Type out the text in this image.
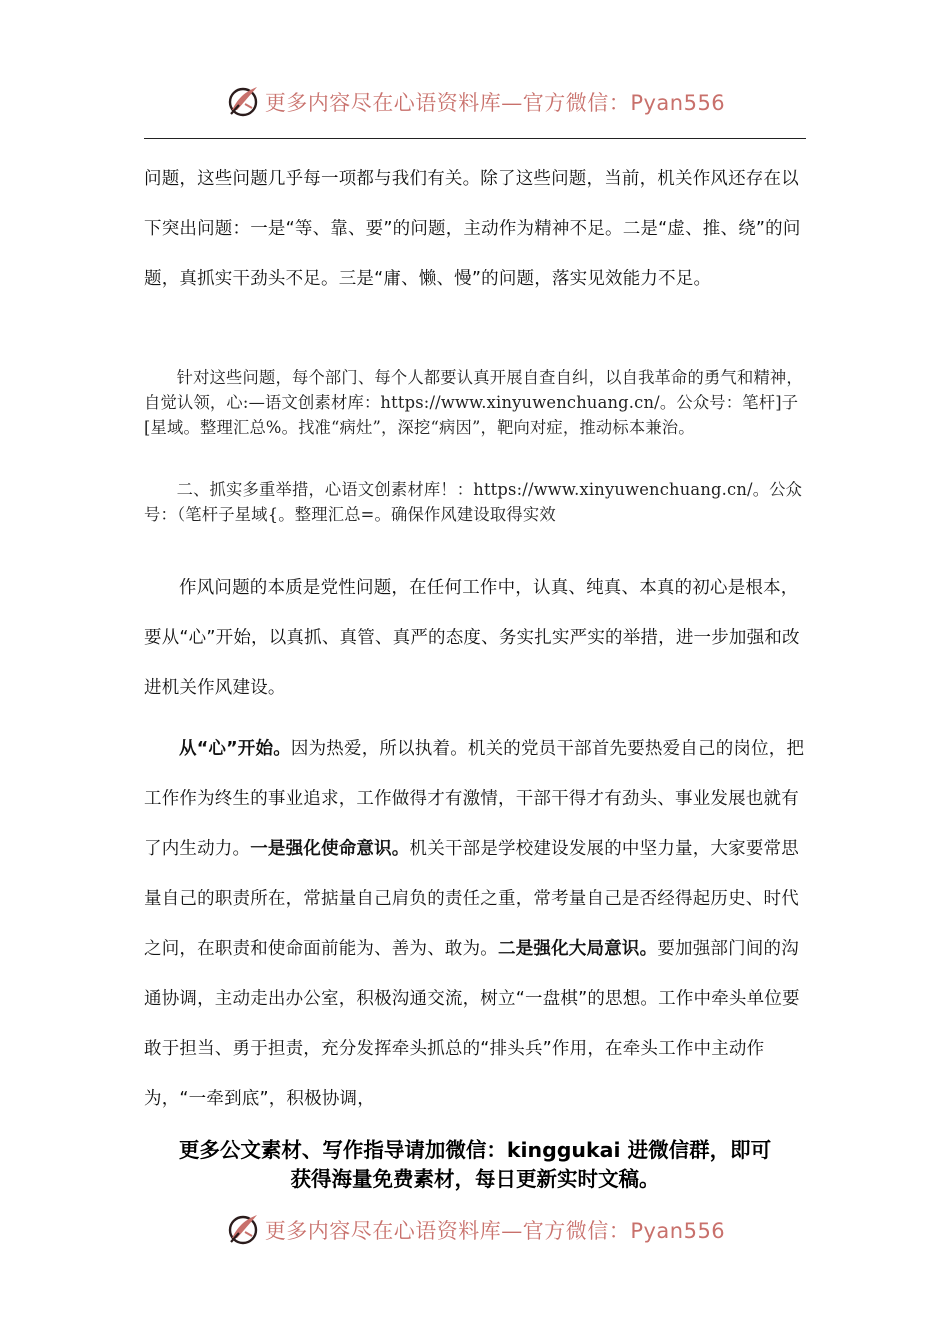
更多内容尽在心语资料库—官方微信：Pyan556

问题，这些问题几乎每一项都与我们有关。除了这些问题，当前，机关作风还存在以下突出问题：一是“等、靠、要”的问题，主动作为精神不足。二是“虚、推、绕”的问题，真抓实干劲头不足。三是“庸、懒、慢”的问题，落实见效能力不足。

针对这些问题，每个部门、每个人都要认真开展自查自纠，以自我革命的勇气和精神，自觉认领，心:—语文创素材库：https://www.xinyuwenchuang.cn/。公众号：笔杆]子[星域。整理汇总%。找准“病灶”，深挖“病因”，靶向对症，推动标本兼治。

二、抓实多重举措，心语文创素材库！：https://www.xinyuwenchuang.cn/。公众号：（笔杆子星域{。整理汇总=。确保作风建设取得实效

作风问题的本质是党性问题，在任何工作中，认真、纯真、本真的初心是根本，要从“心”开始，以真抓、真管、真严的态度、务实扎实严实的举措，进一步加强和改进机关作风建设。

从“心”开始。因为热爱，所以执着。机关的党员干部首先要热爱自己的岗位，把工作作为终生的事业追求，工作做得才有激情，干部干得才有劲头、事业发展也就有了内生动力。一是强化使命意识。机关干部是学校建设发展的中坚力量，大家要常思量自己的职责所在，常掂量自己肩负的责任之重，常考量自己是否经得起历史、时代之问，在职责和使命面前能为、善为、敢为。二是强化大局意识。要加强部门间的沟通协调，主动走出办公室，积极沟通交流，树立“一盘棋”的思想。工作中牵头单位要敢于担当、勇于担责，充分发挥牵头抓总的“排头兵”作用，在牵头工作中主动作为，“一牵到底”，积极协调，

更多公文素材、写作指导请加微信：kinggukai 进微信群，即可
获得海量免费素材，每日更新实时文稿。

更多内容尽在心语资料库—官方微信：Pyan556
